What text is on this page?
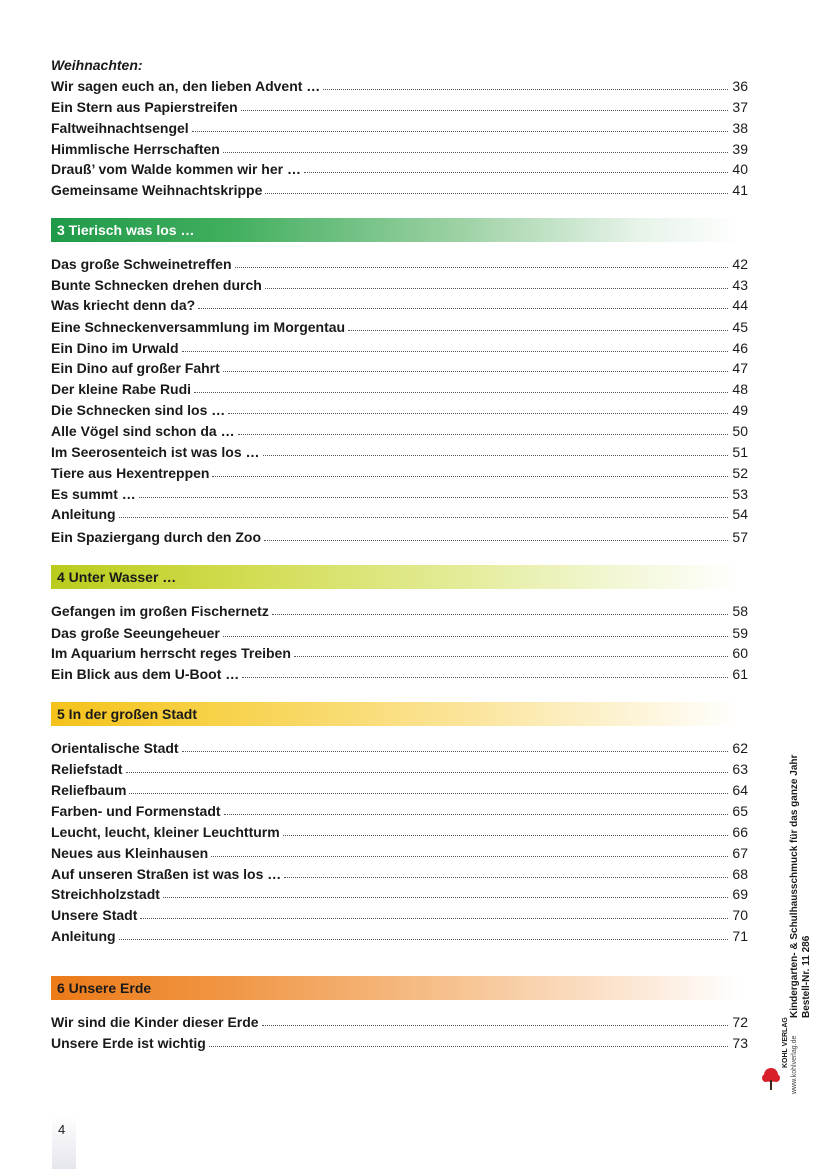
Weihnachten:
Wir sagen euch an, den lieben Advent …	36
Ein Stern aus Papierstreifen	37
Faltweihnachtsengel	38
Himmlische Herrschaften	39
Drauß’ vom Walde kommen wir her …	40
Gemeinsame Weihnachtskrippe	41
3 Tierisch was los …
Das große Schweinetreffen	42
Bunte Schnecken drehen durch	43
Was kriecht denn da?	44
Eine Schneckenversammlung im Morgentau	45
Ein Dino im Urwald	46
Ein Dino auf großer Fahrt	47
Der kleine Rabe Rudi	48
Die Schnecken sind los …	49
Alle Vögel sind schon da …	50
Im Seerosenteich ist was los …	51
Tiere aus Hexentreppen	52
Es summt …	53
Anleitung	54
Ein Spaziergang durch den Zoo	57
4 Unter Wasser …
Gefangen im großen Fischernetz	58
Das große Seeungeheuer	59
Im Aquarium herrscht reges Treiben	60
Ein Blick aus dem U-Boot …	61
5 In der großen Stadt
Orientalische Stadt	62
Reliefstadt	63
Reliefbaum	64
Farben- und Formenstadt	65
Leucht, leucht, kleiner Leuchtturm	66
Neues aus Kleinhausen	67
Auf unseren Straßen ist was los …	68
Streichholzstadt	69
Unsere Stadt	70
Anleitung	71
6 Unsere Erde
Wir sind die Kinder dieser Erde	72
Unsere Erde ist wichtig	73
Kindergarten- & Schulhausschmuck für das ganze Jahr Bestell-Nr. 11 286
KOHL VERLAG www.kohlverlag.de
4
